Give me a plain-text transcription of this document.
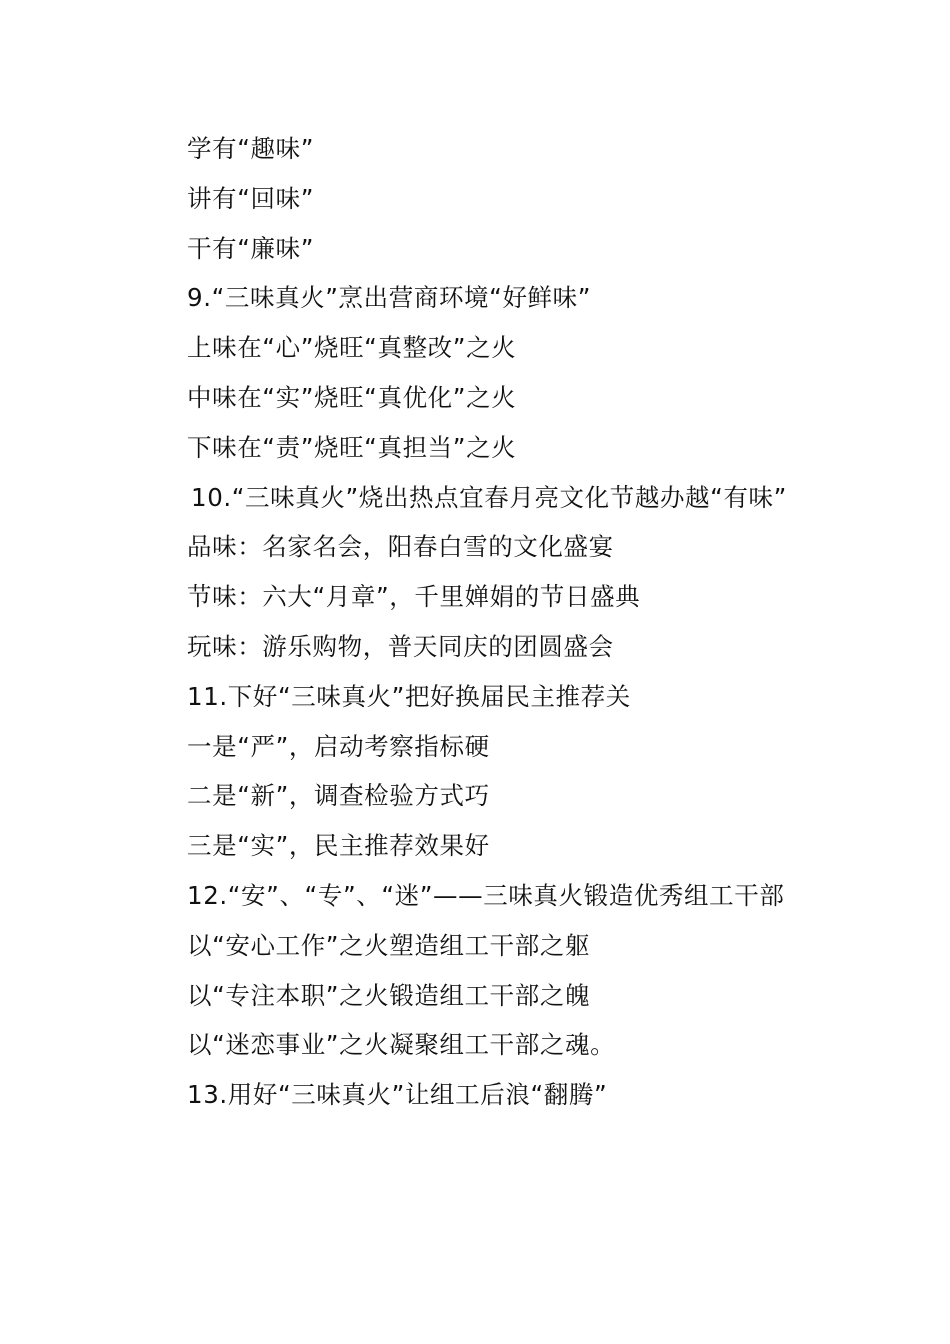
学有“趣味”

讲有“回味”

干有“廉味”

9.“三味真火”烹出营商环境“好鲜味”

上味在“心”烧旺“真整改”之火

中味在“实”烧旺“真优化”之火

下味在“责”烧旺“真担当”之火

10.“三味真火”烧出热点宜春月亮文化节越办越“有味”

品味：名家名会，阳春白雪的文化盛宴

节味：六大“月章”，千里婵娟的节日盛典

玩味：游乐购物，普天同庆的团圆盛会

11.下好“三味真火”把好换届民主推荐关

一是“严”，启动考察指标硬

二是“新”，调查检验方式巧

三是“实”，民主推荐效果好

12.“安”、“专”、“迷”——三味真火锻造优秀组工干部

以“安心工作”之火塑造组工干部之躯

以“专注本职”之火锻造组工干部之魄

以“迷恋事业”之火凝聚组工干部之魂。

13.用好“三味真火”让组工后浪“翻腾”
